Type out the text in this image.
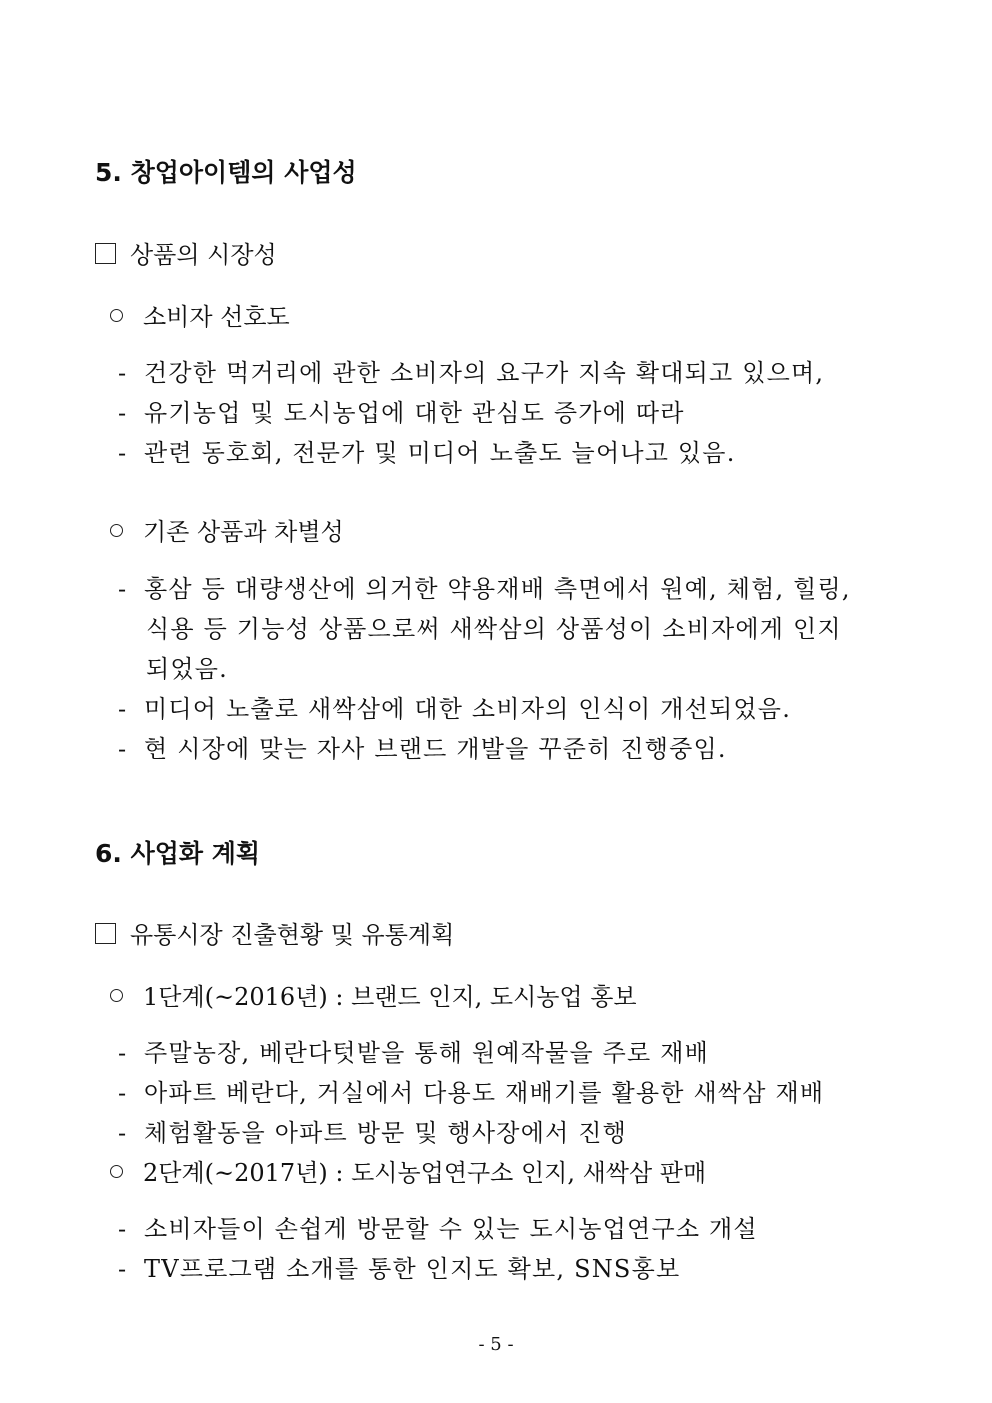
5. 창업아이템의 사업성
상품의 시장성
소비자 선호도
- 건강한 먹거리에 관한 소비자의 요구가 지속 확대되고 있으며,
- 유기농업 및 도시농업에 대한 관심도 증가에 따라
- 관련 동호회, 전문가 및 미디어 노출도 늘어나고 있음.
기존 상품과 차별성
- 홍삼 등 대량생산에 의거한 약용재배 측면에서 원예, 체험, 힐링,
식용 등 기능성 상품으로써 새싹삼의 상품성이 소비자에게 인지
되었음.
- 미디어 노출로 새싹삼에 대한 소비자의 인식이 개선되었음.
- 현 시장에 맞는 자사 브랜드 개발을 꾸준히 진행중임.
6. 사업화 계획
유통시장 진출현황 및 유통계획
1단계(~2016년) : 브랜드 인지, 도시농업 홍보
- 주말농장, 베란다텃밭을 통해 원예작물을 주로 재배
- 아파트 베란다, 거실에서 다용도 재배기를 활용한 새싹삼 재배
- 체험활동을 아파트 방문 및 행사장에서 진행
2단계(~2017년) : 도시농업연구소 인지, 새싹삼 판매
- 소비자들이 손쉽게 방문할 수 있는 도시농업연구소 개설
- TV프로그램 소개를 통한 인지도 확보, SNS홍보
- 5 -
